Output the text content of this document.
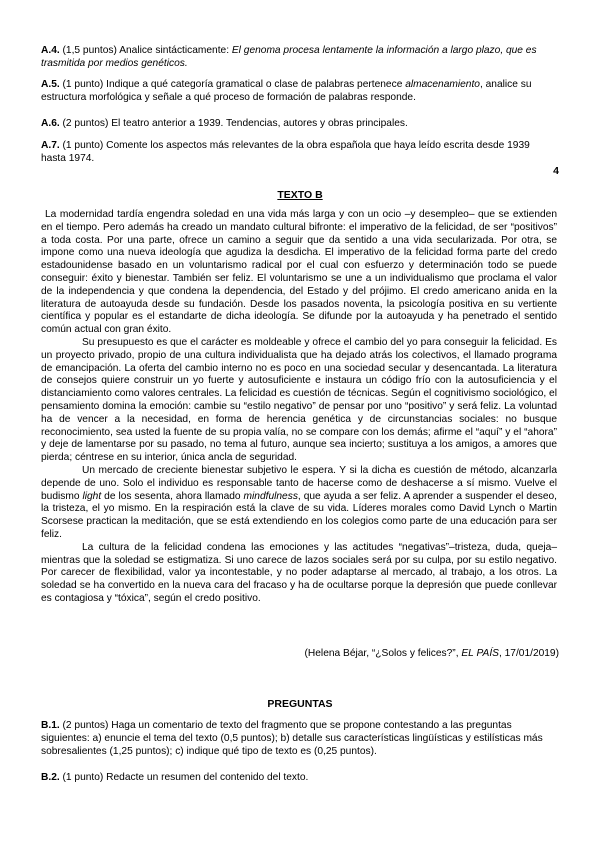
A.4. (1,5 puntos) Analice sintácticamente: El genoma procesa lentamente la información a largo plazo, que es trasmitida por medios genéticos.
A.5. (1 punto) Indique a qué categoría gramatical o clase de palabras pertenece almacenamiento, analice su estructura morfológica y señale a qué proceso de formación de palabras responde.
A.6. (2 puntos) El teatro anterior a 1939. Tendencias, autores y obras principales.
A.7. (1 punto) Comente los aspectos más relevantes de la obra española que haya leído escrita desde 1939 hasta 1974.
4
TEXTO B

La modernidad tardía engendra soledad en una vida más larga y con un ocio –y desempleo– que se extienden en el tiempo. Pero además ha creado un mandato cultural bifronte: el imperativo de la felicidad, de ser “positivos” a toda costa. Por una parte, ofrece un camino a seguir que da sentido a una vida secularizada. Por otra, se impone como una nueva ideología que agudiza la desdicha. El imperativo de la felicidad forma parte del credo estadounidense basado en un voluntarismo radical por el cual con esfuerzo y determinación todo se puede conseguir: éxito y bienestar. También ser feliz. El voluntarismo se une a un individualismo que proclama el valor de la independencia y que condena la dependencia, del Estado y del prójimo. El credo americano anida en la literatura de autoayuda desde su fundación. Desde los pasados noventa, la psicología positiva en su vertiente científica y popular es el estandarte de dicha ideología. Se difunde por la autoayuda y ha penetrado el sentido común actual con gran éxito.

Su presupuesto es que el carácter es moldeable y ofrece el cambio del yo para conseguir la felicidad. Es un proyecto privado, propio de una cultura individualista que ha dejado atrás los colectivos, el llamado programa de emancipación. La oferta del cambio interno no es poco en una sociedad secular y desencantada. La literatura de consejos quiere construir un yo fuerte y autosuficiente e instaura un código frío con la autosuficiencia y el distanciamiento como valores centrales. La felicidad es cuestión de técnicas. Según el cognitivismo sociológico, el pensamiento domina la emoción: cambie su “estilo negativo” de pensar por uno “positivo” y será feliz. La voluntad ha de vencer a la necesidad, en forma de herencia genética y de circunstancias sociales: no busque reconocimiento, sea usted la fuente de su propia valía, no se compare con los demás; afirme el “aquí” y el “ahora” y deje de lamentarse por su pasado, no tema al futuro, aunque sea incierto; sustituya a los amigos, a amores que pierda; céntrese en su interior, única ancla de seguridad.

Un mercado de creciente bienestar subjetivo le espera. Y si la dicha es cuestión de método, alcanzarla depende de uno. Solo el individuo es responsable tanto de hacerse como de deshacerse a sí mismo. Vuelve el budismo light de los sesenta, ahora llamado mindfulness, que ayuda a ser feliz. A aprender a suspender el deseo, la tristeza, el yo mismo. En la respiración está la clave de su vida. Líderes morales como David Lynch o Martin Scorsese practican la meditación, que se está extendiendo en los colegios como parte de una educación para ser feliz.

La cultura de la felicidad condena las emociones y las actitudes “negativas”–tristeza, duda, queja– mientras que la soledad se estigmatiza. Si uno carece de lazos sociales será por su culpa, por su estilo negativo. Por carecer de flexibilidad, valor ya incontestable, y no poder adaptarse al mercado, al trabajo, a los otros. La soledad se ha convertido en la nueva cara del fracaso y ha de ocultarse porque la depresión que puede conllevar es contagiosa y “tóxica”, según el credo positivo.

(Helena Béjar, “¿Solos y felices?”, EL PAÍS, 17/01/2019)
PREGUNTAS
B.1. (2 puntos) Haga un comentario de texto del fragmento que se propone contestando a las preguntas siguientes: a) enuncie el tema del texto (0,5 puntos); b) detalle sus características lingüísticas y estilísticas más sobresalientes (1,25 puntos); c) indique qué tipo de texto es (0,25 puntos).
B.2. (1 punto) Redacte un resumen del contenido del texto.
